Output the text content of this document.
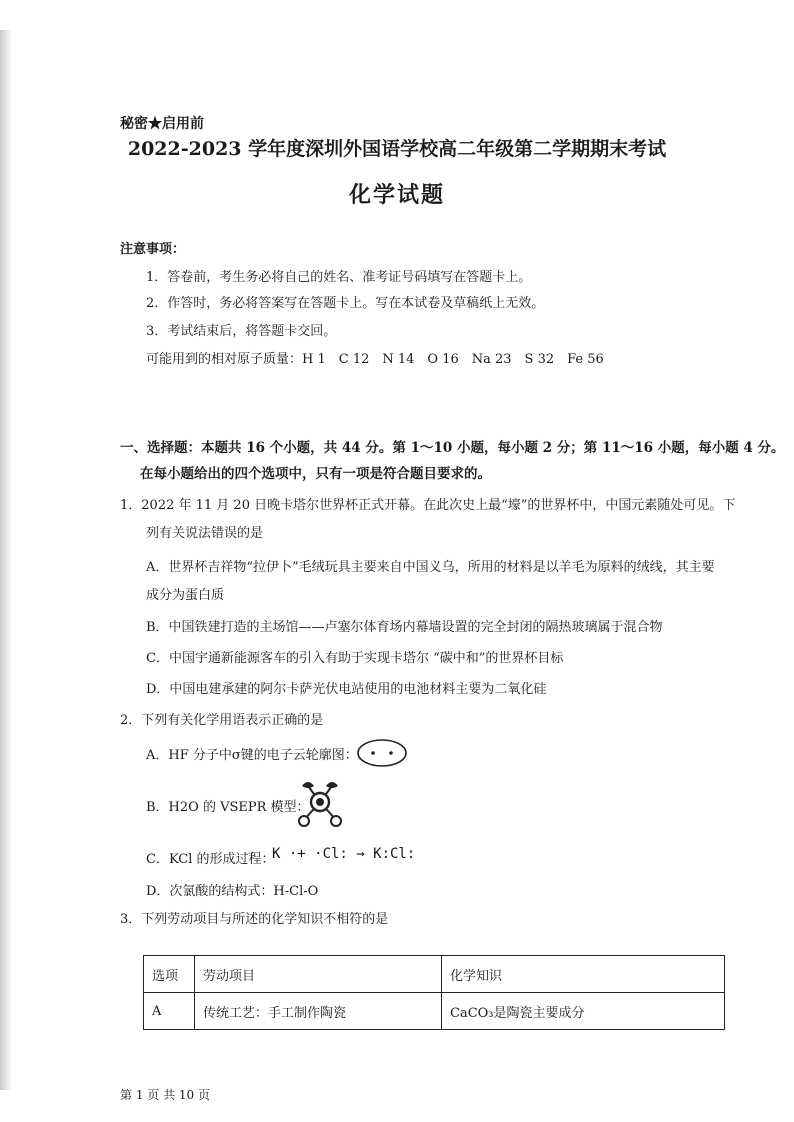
秘密★启用前
2022-2023 学年度深圳外国语学校高二年级第二学期期末考试
化学试题
注意事项：
1．答卷前，考生务必将自己的姓名、准考证号码填写在答题卡上。
2．作答时，务必将答案写在答题卡上。写在本试卷及草稿纸上无效。
3．考试结束后，将答题卡交回。
可能用到的相对原子质量：H 1　C 12　N 14　O 16　Na 23　S 32　Fe 56
一、选择题：本题共 16 个小题，共 44 分。第 1～10 小题，每小题 2 分；第 11～16 小题，每小题 4 分。
在每小题给出的四个选项中，只有一项是符合题目要求的。
1．2022 年 11 月 20 日晚卡塔尔世界杯正式开幕。在此次史上最“壕”的世界杯中，中国元素随处可见。下
列有关说法错误的是
A．世界杯吉祥物“拉伊卜”毛绒玩具主要来自中国义乌，所用的材料是以羊毛为原料的绒线，其主要
成分为蛋白质
B．中国铁建打造的主场馆——卢塞尔体育场内幕墙设置的完全封闭的隔热玻璃属于混合物
C．中国宇通新能源客车的引入有助于实现卡塔尔 “碳中和”的世界杯目标
D．中国电建承建的阿尔卡萨光伏电站使用的电池材料主要为二氧化硅
2．下列有关化学用语表示正确的是
A．HF 分子中σ键的电子云轮廓图：
B．H2O 的 VSEPR 模型：
C．KCl 的形成过程：
K ·+ ·Cl: → K:Cl:
D．次氯酸的结构式：H-Cl-O
3．下列劳动项目与所述的化学知识不相符的是
选项	劳动项目	化学知识
A	传统工艺：手工制作陶瓷	CaCO₃是陶瓷主要成分
第 1 页 共 10 页
